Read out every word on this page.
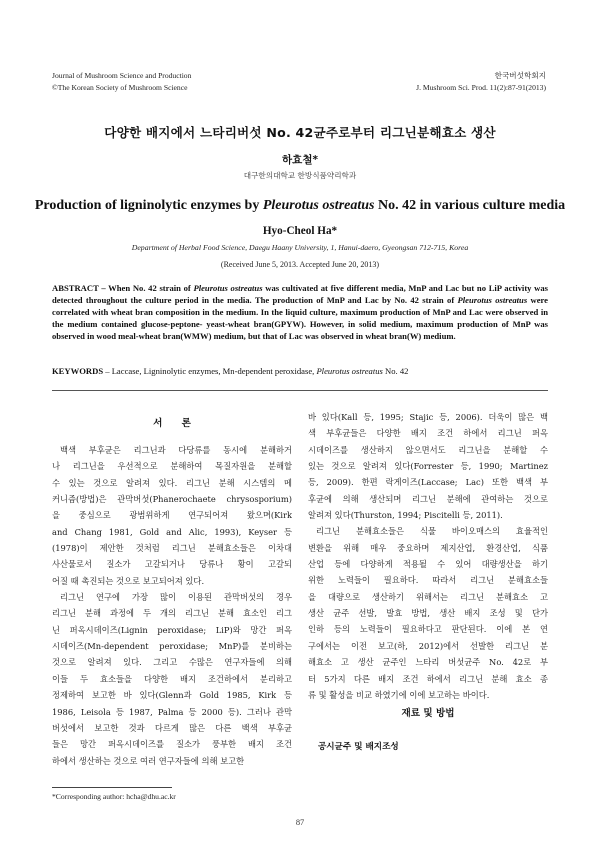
Journal of Mushroom Science and Production
©The Korean Society of Mushroom Science
한국버섯학회지
J. Mushroom Sci. Prod. 11(2):87-91(2013)
다양한 배지에서 느타리버섯 No. 42균주로부터 리그닌분해효소 생산
하효철*
대구한의대학교 한방식품약리학과
Production of ligninolytic enzymes by Pleurotus ostreatus No. 42 in various culture media
Hyo-Cheol Ha*
Department of Herbal Food Science, Daegu Haany University, 1, Hanui-daero, Gyeongsan 712-715, Korea
(Received June 5, 2013. Accepted June 20, 2013)
ABSTRACT – When No. 42 strain of Pleurotus ostreatus was cultivated at five different media, MnP and Lac but no LiP activity was detected throughout the culture period in the media. The production of MnP and Lac by No. 42 strain of Pleurotus ostreatus were correlated with wheat bran composition in the medium. In the liquid culture, maximum production of MnP and Lac were observed in the medium contained glucose-peptone- yeast-wheat bran(GPYW). However, in solid medium, maximum production of MnP was observed in wood meal-wheat bran(WMW) medium, but that of Lac was observed in wheat bran(W) medium.
KEYWORDS – Laccase, Ligninolytic enzymes, Mn-dependent peroxidase, Pleurotus ostreatus No. 42
서　　론
백색 부후균은 리그닌과 다당류를 동시에 분해하거
나 리그닌을 우선적으로 분해하여 목질자원을 분해할
수 있는 것으로 알려져 있다. 리그닌 분해 시스템의 메
커니즘(방법)은 관막버섯(Phanerochaete chrysosporium)
을 중심으로 광범위하게 연구되어져 왔으며(Kirk
and Chang 1981, Gold and Alic, 1993), Keyser 등
(1978)이 제안한 것처럼 리그닌 분해효소들은 이차대
사산물로서 질소가 고갈되거나 당류나 황이 고갈되
어질 때 촉진되는 것으로 보고되어져 있다.
리그닌 연구에 가장 많이 이용된 관막버섯의 경우
리그닌 분해 과정에 두 개의 리그닌 분해 효소인 리그
닌 퍼옥시데이즈(Lignin peroxidase; LiP)와 망간 퍼옥
시데이즈(Mn-dependent peroxidase; MnP)를 분비하는
것으로 알려져 있다. 그리고 수많은 연구자들에 의해
이들 두 효소들을 다양한 배지 조건하에서 분리하고
정제하여 보고한 바 있다(Glenn과 Gold 1985, Kirk 등
1986, Leisola 등 1987, Palma 등 2000 등). 그러나 관막
버섯에서 보고한 것과 다르게 많은 다른 백색 부후균
들은 망간 퍼옥시데이즈를 질소가 풍부한 배지 조건
하에서 생산하는 것으로 여러 연구자들에 의해 보고한
바 있다(Kall 등, 1995; Stajic 등, 2006). 더욱이 많은 백
색 부후균들은 다양한 배지 조건 하에서 리그닌 퍼옥
시데이즈를 생산하지 않으면서도 리그닌을 분해할 수
있는 것으로 알려져 있다(Forrester 등, 1990; Martinez
등, 2009). 한편 락게이즈(Laccase; Lac) 또한 백색 부
후균에 의해 생산되며 리그닌 분해에 관여하는 것으로
알려져 있다(Thurston, 1994; Piscitelli 등, 2011).
리그닌 분해효소들은 식물 바이오매스의 효율적인
변환을 위해 매우 중요하며 제지산업, 환경산업, 식품
산업 등에 다양하게 적용될 수 있어 대량생산을 하기
위한 노력들이 필요하다. 따라서 리그닌 분해효소들
을 대량으로 생산하기 위해서는 리그닌 분해효소 고
생산 균주 선발, 발효 방법, 생산 배지 조성 및 단가
인하 등의 노력들이 필요하다고 판단된다. 이에 본 연
구에서는 이전 보고(하, 2012)에서 선발한 리그닌 분
해효소 고 생산 균주인 느타리 버섯균주 No. 42로 부
터 5가지 다른 배지 조건 하에서 리그닌 분해 효소 종
류 및 활성을 비교 하였기에 이에 보고하는 바이다.
재료 및 방법
공시균주 및 배지조성
*Corresponding author: hcha@dhu.ac.kr
87
